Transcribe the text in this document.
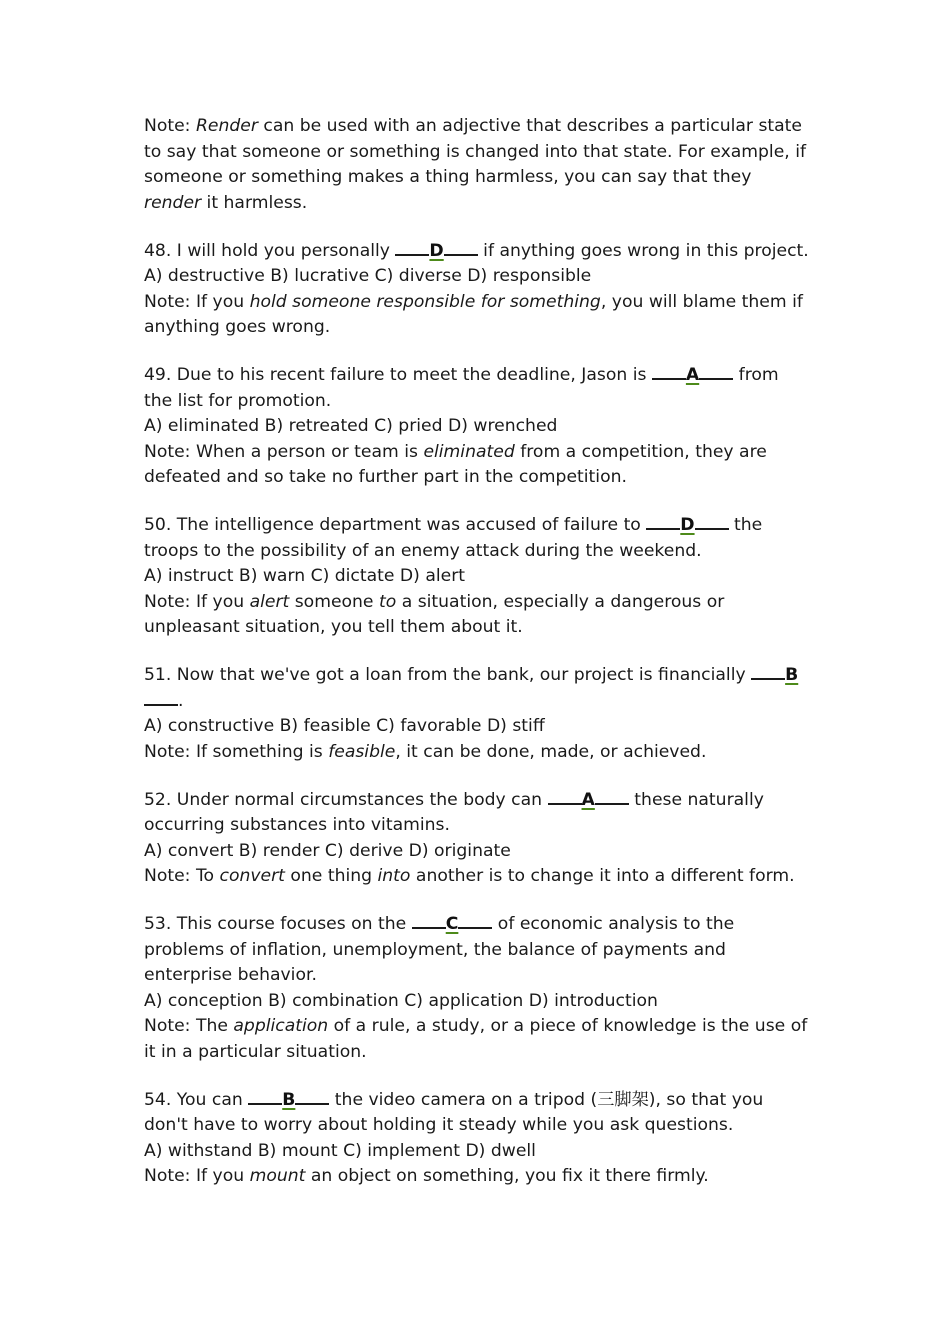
Note: Render can be used with an adjective that describes a particular state to say that someone or something is changed into that state. For example, if someone or something makes a thing harmless, you can say that they render it harmless.
48. I will hold you personally D if anything goes wrong in this project.
A) destructive B) lucrative C) diverse D) responsible
Note: If you hold someone responsible for something, you will blame them if anything goes wrong.
49. Due to his recent failure to meet the deadline, Jason is A from the list for promotion.
A) eliminated B) retreated C) pried D) wrenched
Note: When a person or team is eliminated from a competition, they are defeated and so take no further part in the competition.
50. The intelligence department was accused of failure to D the troops to the possibility of an enemy attack during the weekend.
A) instruct B) warn C) dictate D) alert
Note: If you alert someone to a situation, especially a dangerous or unpleasant situation, you tell them about it.
51. Now that we've got a loan from the bank, our project is financially B.
A) constructive B) feasible C) favorable D) stiff
Note: If something is feasible, it can be done, made, or achieved.
52. Under normal circumstances the body can A these naturally occurring substances into vitamins.
A) convert B) render C) derive D) originate
Note: To convert one thing into another is to change it into a different form.
53. This course focuses on the C of economic analysis to the problems of inflation, unemployment, the balance of payments and enterprise behavior.
A) conception B) combination C) application D) introduction
Note: The application of a rule, a study, or a piece of knowledge is the use of it in a particular situation.
54. You can B the video camera on a tripod (三脚架), so that you don't have to worry about holding it steady while you ask questions.
A) withstand B) mount C) implement D) dwell
Note: If you mount an object on something, you fix it there firmly.
